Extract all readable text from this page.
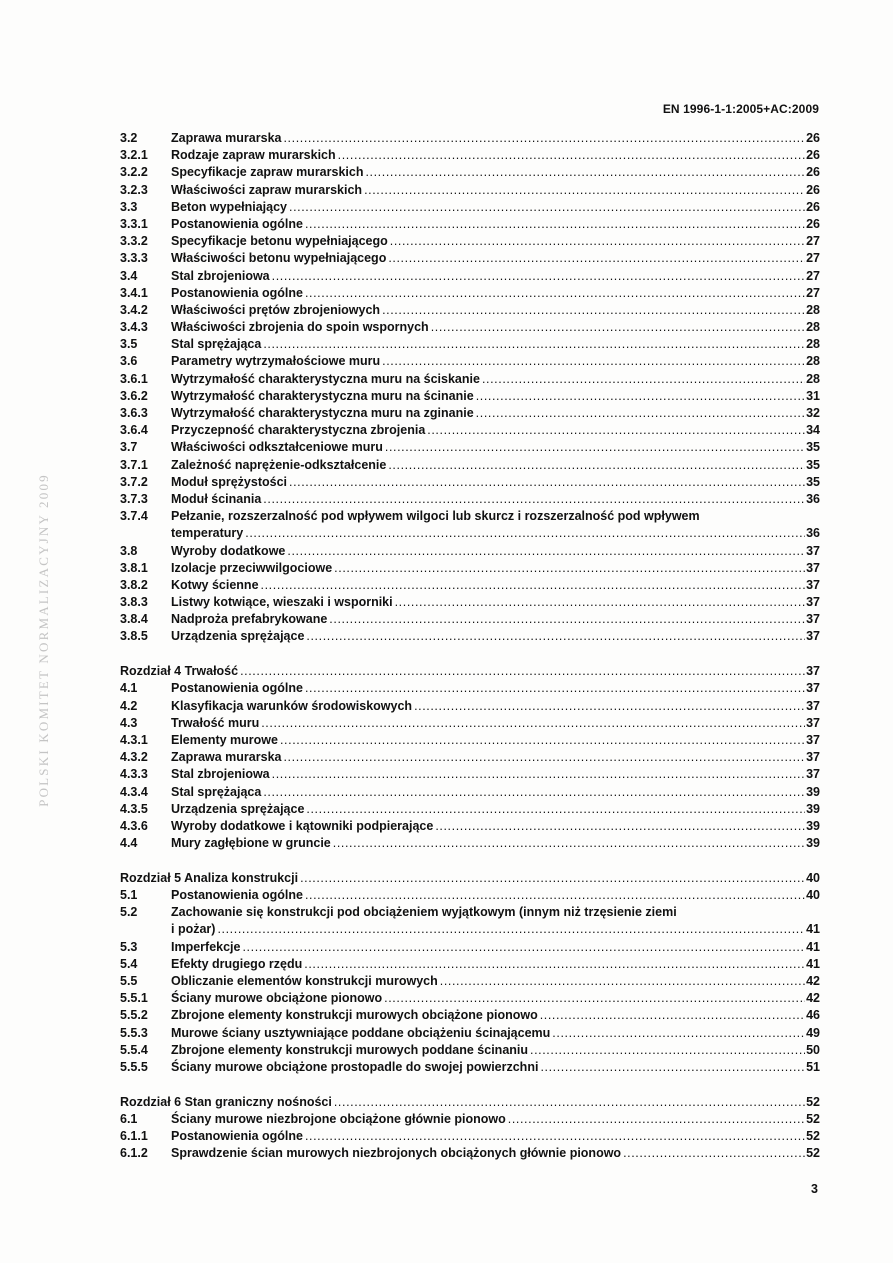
EN 1996-1-1:2005+AC:2009
POLSKI KOMITET NORMALIZACYJNY 2009
3.2	Zaprawa murarska .....	26
3.2.1	Rodzaje zapraw murarskich .....	26
3.2.2	Specyfikacje zapraw murarskich .....	26
3.2.3	Właściwości zapraw murarskich .....	26
3.3	Beton wypełniający .....	26
3.3.1	Postanowienia ogólne .....	26
3.3.2	Specyfikacje betonu wypełniającego .....	27
3.3.3	Właściwości betonu wypełniającego .....	27
3.4	Stal zbrojeniowa .....	27
3.4.1	Postanowienia ogólne .....	27
3.4.2	Właściwości prętów zbrojeniowych .....	28
3.4.3	Właściwości zbrojenia do spoin wspornych .....	28
3.5	Stal sprężająca .....	28
3.6	Parametry wytrzymałościowe muru .....	28
3.6.1	Wytrzymałość charakterystyczna muru na ściskanie .....	28
3.6.2	Wytrzymałość charakterystyczna muru na ścinanie .....	31
3.6.3	Wytrzymałość charakterystyczna muru na zginanie .....	32
3.6.4	Przyczepność charakterystyczna zbrojenia .....	34
3.7	Właściwości odkształceniowe muru .....	35
3.7.1	Zależność naprężenie-odkształcenie .....	35
3.7.2	Moduł sprężystości .....	35
3.7.3	Moduł ścinania .....	36
3.7.4	Pełzanie, rozszerzalność pod wpływem wilgoci lub skurcz i rozszerzalność pod wpływem
temperatury .....	36
3.8	Wyroby dodatkowe .....	37
3.8.1	Izolacje przeciwwilgociowe .....	37
3.8.2	Kotwy ścienne .....	37
3.8.3	Listwy kotwiące, wieszaki i wsporniki .....	37
3.8.4	Nadproża prefabrykowane .....	37
3.8.5	Urządzenia sprężające .....	37
Rozdział 4 Trwałość .....	37
4.1	Postanowienia ogólne .....	37
4.2	Klasyfikacja warunków środowiskowych .....	37
4.3	Trwałość muru .....	37
4.3.1	Elementy murowe .....	37
4.3.2	Zaprawa murarska .....	37
4.3.3	Stal zbrojeniowa .....	37
4.3.4	Stal sprężająca .....	39
4.3.5	Urządzenia sprężające .....	39
4.3.6	Wyroby dodatkowe i kątowniki podpierające .....	39
4.4	Mury zagłębione w gruncie .....	39
Rozdział 5 Analiza konstrukcji .....	40
5.1	Postanowienia ogólne .....	40
5.2	Zachowanie się konstrukcji pod obciążeniem wyjątkowym (innym niż trzęsienie ziemi
i pożar) .....	41
5.3	Imperfekcje .....	41
5.4	Efekty drugiego rzędu .....	41
5.5	Obliczanie elementów konstrukcji murowych .....	42
5.5.1	Ściany murowe obciążone pionowo .....	42
5.5.2	Zbrojone elementy konstrukcji murowych obciążone pionowo .....	46
5.5.3	Murowe ściany usztywniające poddane obciążeniu ścinającemu .....	49
5.5.4	Zbrojone elementy konstrukcji murowych poddane ścinaniu .....	50
5.5.5	Ściany murowe obciążone prostopadle do swojej powierzchni .....	51
Rozdział 6 Stan graniczny nośności .....	52
6.1	Ściany murowe niezbrojone obciążone głównie pionowo .....	52
6.1.1	Postanowienia ogólne .....	52
6.1.2	Sprawdzenie ścian murowych niezbrojonych obciążonych głównie pionowo .....	52
3
